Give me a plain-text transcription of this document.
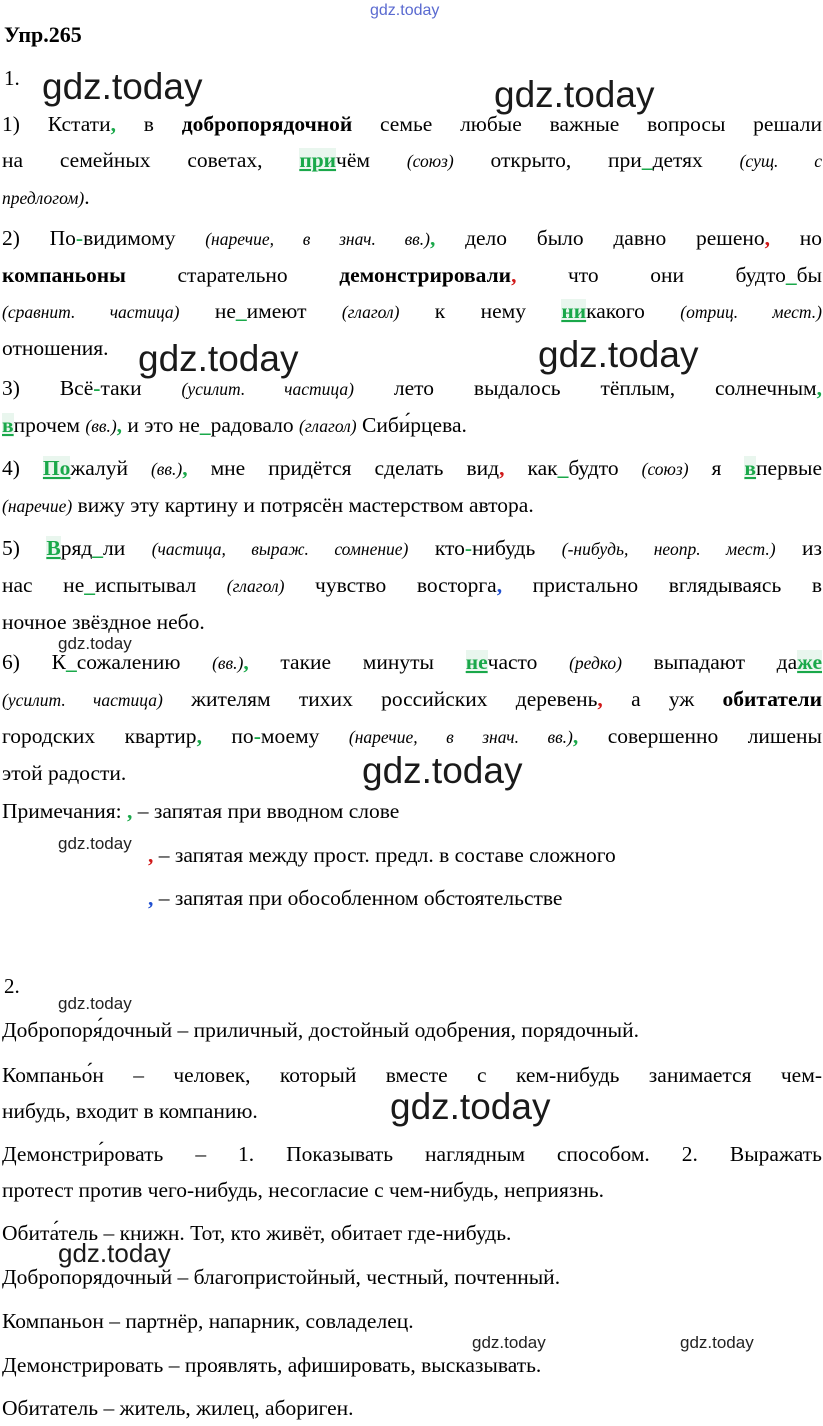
gdz.today
gdz.today	gdz.today
gdz.today	gdz.today
gdz.today
gdz.today
gdz.today
gdz.today
gdz.today
gdz.today
gdz.today	gdz.today
Упр.265
1.
1) Кстати, в добропорядочной семье любые важные вопросы решали
на семейных советах, причём (союз) открыто, при_детях (сущ. с
предлогом).
2) По-видимому (наречие, в знач. вв.), дело было давно решено, но
компаньоны старательно демонстрировали, что они будто_бы
(сравнит. частица) не_имеют (глагол) к нему никакого (отриц. мест.)
отношения.
3) Всё-таки (усилит. частица) лето выдалось тёплым, солнечным,
впрочем (вв.), и это не_радовало (глагол) Сиби́рцева.
4) Пожалуй (вв.), мне придётся сделать вид, как_будто (союз) я впервые
(наречие) вижу эту картину и потрясён мастерством автора.
5) Вряд_ли (частица, выраж. сомнение) кто-нибудь (-нибудь, неопр. мест.) из
нас не_испытывал (глагол) чувство восторга, пристально вглядываясь в
ночное звёздное небо.
6) К_сожалению (вв.), такие минуты нечасто (редко) выпадают даже
(усилит. частица) жителям тихих российских деревень, а уж обитатели
городских квартир, по-моему (наречие, в знач. вв.), совершенно лишены
этой радости.
Примечания: , – запятая при вводном слове
, – запятая между прост. предл. в составе сложного
, – запятая при обособленном обстоятельстве
2.
Добропоря́дочный – приличный, достойный одобрения, порядочный.
Компаньо́н – человек, который вместе с кем-нибудь занимается чем-
нибудь, входит в компанию.
Демонстри́ровать – 1. Показывать наглядным способом. 2. Выражать
протест против чего-нибудь, несогласие с чем-нибудь, неприязнь.
Обита́тель – книжн. Тот, кто живёт, обитает где-нибудь.
Добропорядочный – благопристойный, честный, почтенный.
Компаньон – партнёр, напарник, совладелец.
Демонстрировать – проявлять, афишировать, высказывать.
Обитатель – житель, жилец, абориген.
